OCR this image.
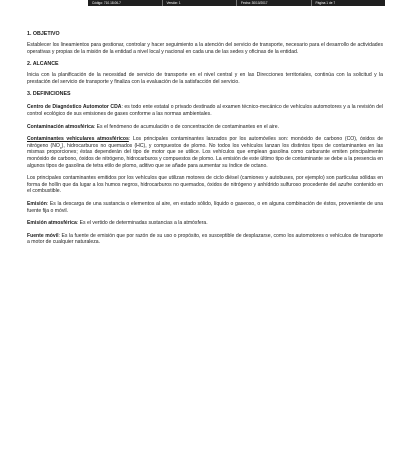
Código: 710.18.06-7	Versión: 1	Fecha: 30/10/2017	Página 1 de 7
1. OBJETIVO

Establecer los lineamientos para gestionar, controlar y hacer seguimiento a la atención del servicio de transporte, necesario para el desarrollo de actividades operativas y propias de la misión de la entidad a nivel local y nacional en cada una de las sedes y oficinas de la entidad.

2. ALCANCE

Inicia con la planificación de la necesidad de servicio de transporte en el nivel central y en las Direcciones territoriales, continúa con la solicitud y la prestación del servicio de transporte y finaliza con la evaluación de la satisfacción del servicio.

3. DEFINICIONES

Centro de Diagnóstico Automotor CDA: es todo ente estatal o privado destinado al examen técnico-mecánico de vehículos automotores y a la revisión del control ecológico de sus emisiones de gases conforme a las normas ambientales.

Contaminación atmosférica: Es el fenómeno de acumulación o de concentración de contaminantes en el aire.

Contaminantes vehiculares atmosféricos: Los principales contaminantes lanzados por los automóviles son: monóxido de carbono (CO), óxidos de nitrógeno $(NO_x)$, hidrocarburos no quemados (HC), y compuestos de plomo. No todos los vehículos lanzan los distintos tipos de contaminantes en las mismas proporciones; éstas dependerán del tipo de motor que se utilice. Los vehículos que emplean gasolina como carburante emiten principalmente monóxido de carbono, óxidos de nitrógeno, hidrocarburos y compuestos de plomo. La emisión de este último tipo de contaminante se debe a la presencia en algunos tipos de gasolina de tetra etilo de plomo, aditivo que se añade para aumentar su índice de octano.

Los principales contaminantes emitidos por los vehículos que utilizan motores de ciclo diésel (camiones y autobuses, por ejemplo) son partículas sólidas en forma de hollín que da lugar a los humos negros, hidrocarburos no quemados, óxidos de nitrógeno y anhídrido sulfuroso procedente del azufre contenido en el combustible.

Emisión: Es la descarga de una sustancia o elementos al aire, en estado sólido, líquido o gaseoso, o en alguna combinación de éstos, proveniente de una fuente fija o móvil.

Emisión atmosférica: Es el vertido de determinadas sustancias a la atmósfera.

Fuente móvil: Es la fuente de emisión que por razón de su uso o propósito, es susceptible de desplazarse, como los automotores o vehículos de transporte a motor de cualquier naturaleza.
